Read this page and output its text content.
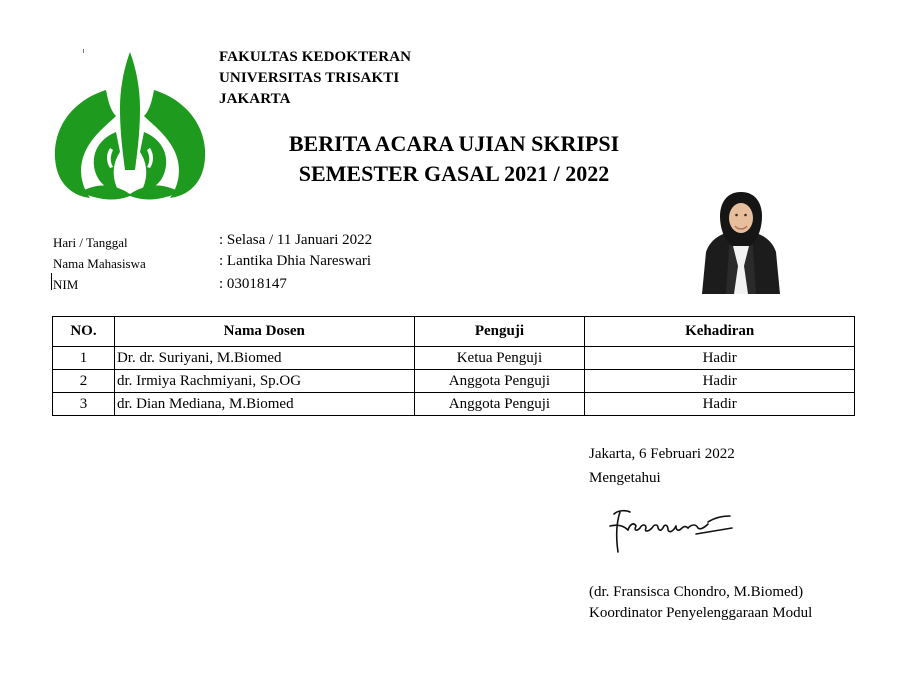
FAKULTAS KEDOKTERAN
UNIVERSITAS TRISAKTI
JAKARTA
BERITA ACARA UJIAN SKRIPSI
SEMESTER GASAL 2021 / 2022
Hari / Tanggal	: Selasa / 11 Januari 2022
Nama Mahasiswa	: Lantika Dhia Nareswari
NIM	: 03018147
NO.	Nama Dosen	Penguji	Kehadiran
1	Dr. dr. Suriyani, M.Biomed	Ketua Penguji	Hadir
2	dr. Irmiya Rachmiyani, Sp.OG	Anggota Penguji	Hadir
3	dr. Dian Mediana, M.Biomed	Anggota Penguji	Hadir
Jakarta, 6 Februari 2022
Mengetahui
(dr. Fransisca Chondro, M.Biomed)
Koordinator Penyelenggaraan Modul
